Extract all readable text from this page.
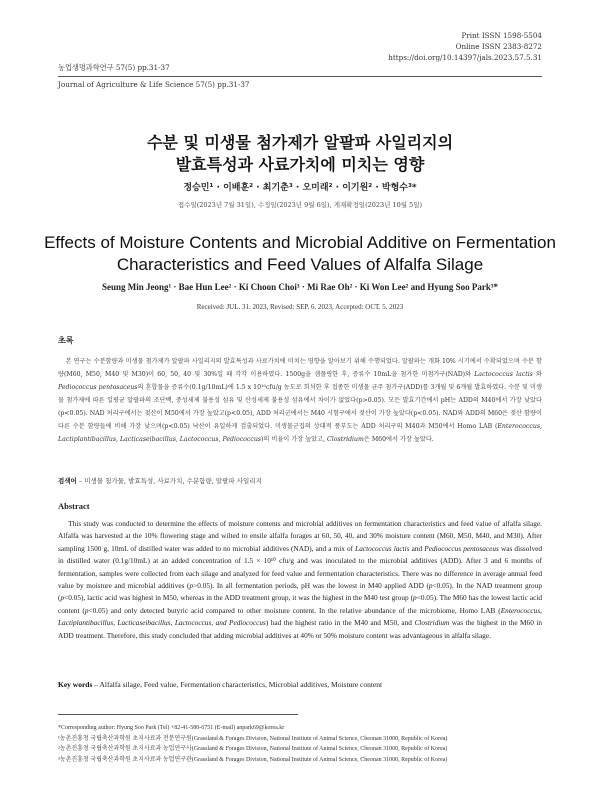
Print ISSN 1598-5504
Online ISSN 2383-8272
https://doi.org/10.14397/jals.2023.57.5.31
농업생명과학연구 57(5) pp.31-37
Journal of Agriculture & Life Science 57(5) pp.31-37
수분 및 미생물 첨가제가 알팔파 사일리지의
발효특성과 사료가치에 미치는 영향
정승민¹ · 이배훈² · 최기춘³ · 오미래² · 이기원² · 박형수³*
접수일(2023년 7월 31일), 수정일(2023년 9월 6일), 게재확정일(2023년 10월 5일)
Effects of Moisture Contents and Microbial Additive on Fermentation
Characteristics and Feed Values of Alfalfa Silage
Seung Min Jeong¹ · Bae Hun Lee² · Ki Choon Choi³ · Mi Rae Oh² · Ki Won Lee² and Hyung Soo Park³*
Received: JUL. 31. 2023, Revised: SEP. 6. 2023, Accepted: OCT. 5. 2023
초록
본 연구는 수분함량과 미생물 첨가제가 알팔파 사일리지의 발효특성과 사료가치에 미치는 영향을 알아보기 위해 수행되었다. 알팔파는 개화 10% 시기에서 수확되었으며 수분 함량(M60, M50, M40 및 M30)이 60, 50, 40 및 30%일 때 각각 이용하였다. 1500g을 샘플링한 후, 증류수 10mL을 첨가한 미첨가구(NAD)와 Lactococcus lactis 와 Pediococcus pentosaceus의 혼합물을 증류수(0.1g/10mL)에 1.5 x 10¹⁰cfu/g 농도로 희석한 후 접종한 미생물 균주 첨가구(ADD)를 3개월 및 6개월 발효하였다. 수분 및 미생물 첨가제에 따른 일평균 알팔파의 조단백, 중성세제 불용성 섬유 및 산성세제 불용성 섬유에서 차이가 없었다(p>0.05). 모든 발효기간에서 pH는 ADD의 M40에서 가장 낮았다(p<0.05). NAD 처리구에서는 젖산이 M50에서 가장 높았고(p<0.05), ADD 처리군에서는 M40 시험구에서 젖산이 가장 높았다(p<0.05). NAD와 ADD의 M60은 젖산 함량이 다른 수분 함량들에 비해 가장 낮으며(p<0.05) 낙산이 유일하게 검출되었다. 미생물군집의 상대적 풍부도는 ADD 처리구의 M40과 M50에서 Homo LAB (Enterococcus, Lactiplantibacillus, Lacticaseibacillus, Lactococcus, Pediococcus)의 비율이 가장 높았고, Clostridium은 M60에서 가장 높았다.
검색어 – 미생물 첨가물, 발효특성, 사료가치, 수분함량, 알팔파 사일리지
Abstract
This study was conducted to determine the effects of moisture contents and microbial additives on fermentation characteristics and feed value of alfalfa silage. Alfalfa was harvested at the 10% flowering stage and wilted to ensile alfalfa forages at 60, 50, 40, and 30% moisture content (M60, M50, M40, and M30). After sampling 1500 g, 10mL of distilled water was added to no microbial additives (NAD), and a mix of Lactococcus lactis and Pediococcus pentosaceus was dissolved in distilled water (0.1g/10mL) at an added concentration of 1.5 × 10¹⁰ cfu/g and was inoculated to the microbial additives (ADD). After 3 and 6 months of fermentation, samples were collected from each silage and analyzed for feed value and fermentation characteristics. There was no difference in average annual feed value by moisture and microbial additives (p>0.05). In all fermentation periods, pH was the lowest in M40 applied ADD (p<0.05). In the NAD treatment group (p<0.05), lactic acid was highest in M50, whereas in the ADD treatment group, it was the highest in the M40 test group (p<0.05). The M60 has the lowest lactic acid content (p<0.05) and only detected butyric acid compared to other moisture content. In the relative abundance of the microbiome, Homo LAB (Enterococcus, Lactiplantibacillus, Lacticaseibacillus, Lactococcus, and Pediococcus) had the highest ratio in the M40 and M50, and Clostridium was the highest in the M60 in ADD treatment. Therefore, this study concluded that adding microbial additives at 40% or 50% moisture content was advantageous in alfalfa silage.
Key words – Alfalfa silage, Feed value, Fermentation characteristics, Microbial additives, Moisture content

*Corresponding author: Hyung Soo Park (Tel) +82-41-580-6751 (E-mail) anpark69@korea.kr

¹농촌진흥청 국립축산과학원 초지사료과 전문연구원(Grassland & Forages Division, National Institute of Animal Science, Cheonan 31000, Republic of Korea)

²농촌진흥청 국립축산과학원 초지사료과 농업연구사(Grassland & Forages Division, National Institute of Animal Science, Cheonan 31000, Republic of Korea)

³농촌진흥청 국립축산과학원 초지사료과 농업연구관(Grassland & Forages Division, National Institute of Animal Science, Cheonan 31000, Republic of Korea)
